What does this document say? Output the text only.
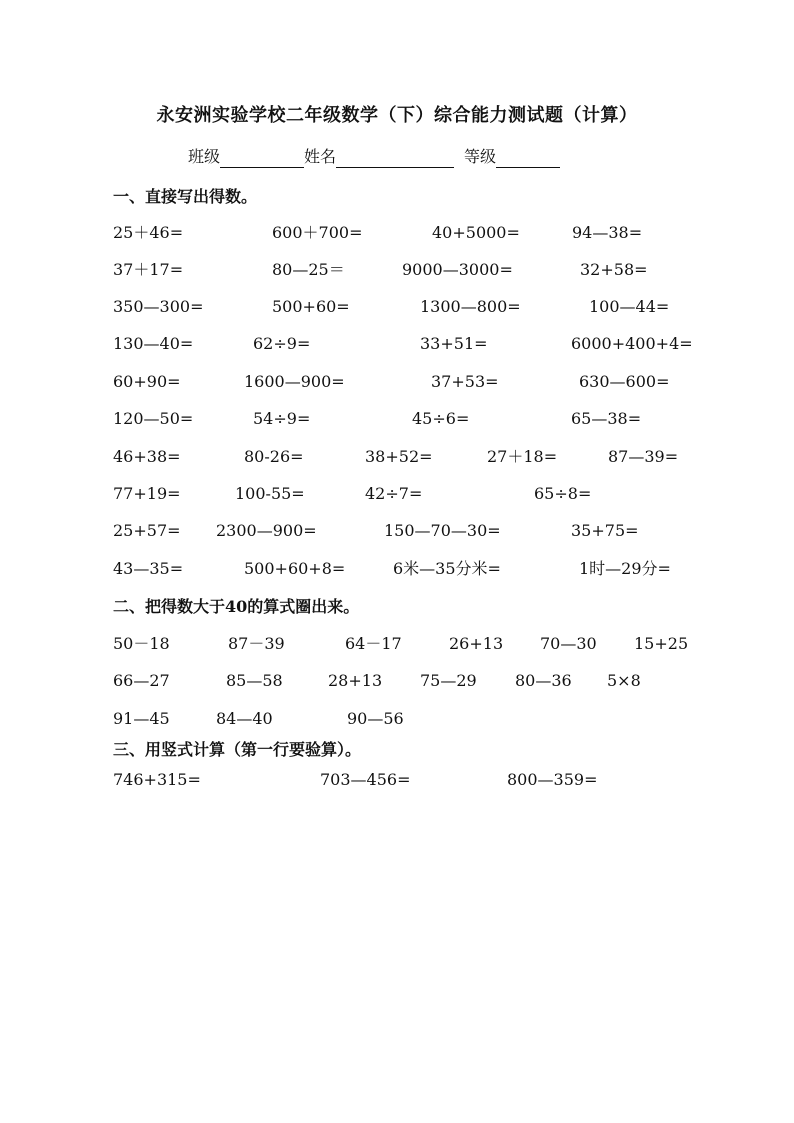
永安洲实验学校二年级数学（下）综合能力测试题（计算）
班级	姓名	等级
一、直接写出得数。
25＋46=	600＋700=	40+5000=	94—38=
37＋17=	80—25＝	9000—3000=	32+58=
350—300=	500+60=	1300—800=	100—44=
130—40=	62÷9=	33+51=	6000+400+4=
60+90=	1600—900=	37+53=	630—600=
120—50=	54÷9=	45÷6=	65—38=
46+38=	80-26=	38+52=	27＋18=	87—39=
77+19=	100-55=	42÷7=	65÷8=
25+57= 2300—900=	150—70—30=	35+75=
43—35=	500+60+8=	6米—35分米=	1时—29分=
二、把得数大于40的算式圈出来。
50－18	87－39	64－17	26+13 70—30 15+25
66—27	85—58	28+13 75—29 80—36 5×8
91—45	84—40	90—56
三、用竖式计算（第一行要验算）。
746+315=	703—456=	800—359=
